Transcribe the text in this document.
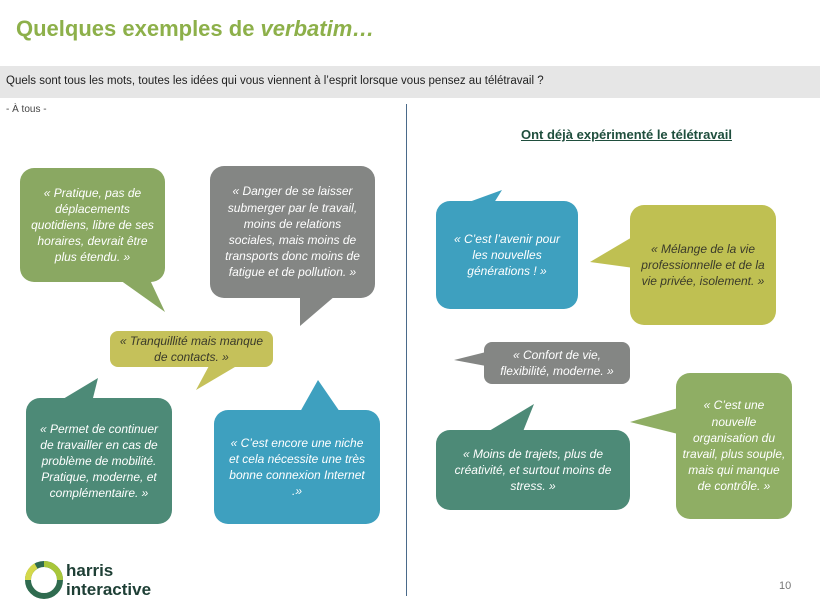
Quelques exemples de verbatim…
Quels sont tous les mots, toutes les idées qui vous viennent à l’esprit lorsque vous pensez au télétravail ?
- À tous -
Ont déjà expérimenté le télétravail
« Pratique, pas de déplacements quotidiens, libre de ses horaires, devrait être plus étendu. »
« Danger de se laisser submerger par le travail, moins de relations sociales, mais moins de transports donc moins de fatigue et de pollution. »
« Tranquillité mais manque de contacts. »
« Permet de continuer de travailler en cas de problème de mobilité. Pratique, moderne, et complémentaire. »
« C’est encore une niche et cela nécessite une très bonne connexion Internet .»
« C’est l’avenir pour les nouvelles générations ! »
« Mélange de la vie professionnelle et de la vie privée, isolement. »
« Confort de vie, flexibilité, moderne. »
« Moins de trajets, plus de créativité, et surtout moins de stress. »
« C’est une nouvelle organisation du travail, plus souple, mais qui manque de contrôle. »
harris
interactive	10
